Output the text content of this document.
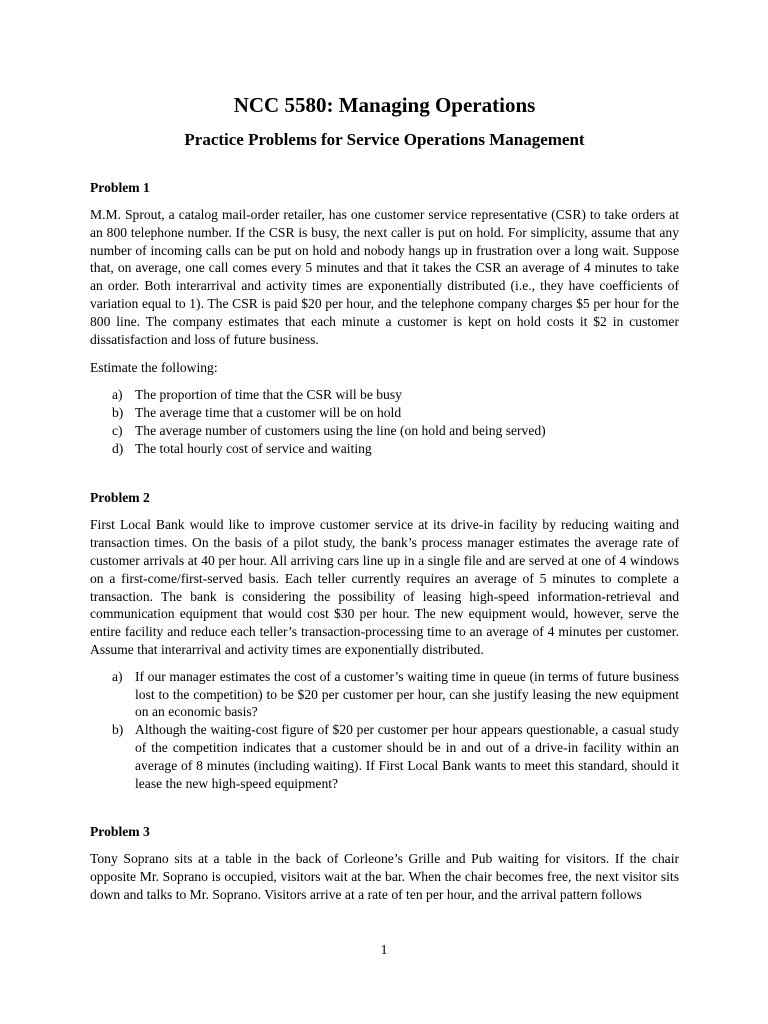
NCC 5580: Managing Operations
Practice Problems for Service Operations Management
Problem 1

M.M. Sprout, a catalog mail-order retailer, has one customer service representative (CSR) to take orders at an 800 telephone number. If the CSR is busy, the next caller is put on hold. For simplicity, assume that any number of incoming calls can be put on hold and nobody hangs up in frustration over a long wait. Suppose that, on average, one call comes every 5 minutes and that it takes the CSR an average of 4 minutes to take an order. Both interarrival and activity times are exponentially distributed (i.e., they have coefficients of variation equal to 1). The CSR is paid $20 per hour, and the telephone company charges $5 per hour for the 800 line. The company estimates that each minute a customer is kept on hold costs it $2 in customer dissatisfaction and loss of future business.

Estimate the following:

a) The proportion of time that the CSR will be busy
b) The average time that a customer will be on hold
c) The average number of customers using the line (on hold and being served)
d) The total hourly cost of service and waiting
Problem 2

First Local Bank would like to improve customer service at its drive-in facility by reducing waiting and transaction times. On the basis of a pilot study, the bank’s process manager estimates the average rate of customer arrivals at 40 per hour. All arriving cars line up in a single file and are served at one of 4 windows on a first-come/first-served basis. Each teller currently requires an average of 5 minutes to complete a transaction. The bank is considering the possibility of leasing high-speed information-retrieval and communication equipment that would cost $30 per hour. The new equipment would, however, serve the entire facility and reduce each teller’s transaction-processing time to an average of 4 minutes per customer. Assume that interarrival and activity times are exponentially distributed.

a) If our manager estimates the cost of a customer’s waiting time in queue (in terms of future business lost to the competition) to be $20 per customer per hour, can she justify leasing the new equipment on an economic basis?
b) Although the waiting-cost figure of $20 per customer per hour appears questionable, a casual study of the competition indicates that a customer should be in and out of a drive-in facility within an average of 8 minutes (including waiting). If First Local Bank wants to meet this standard, should it lease the new high-speed equipment?
Problem 3

Tony Soprano sits at a table in the back of Corleone’s Grille and Pub waiting for visitors. If the chair opposite Mr. Soprano is occupied, visitors wait at the bar. When the chair becomes free, the next visitor sits down and talks to Mr. Soprano. Visitors arrive at a rate of ten per hour, and the arrival pattern follows

1
